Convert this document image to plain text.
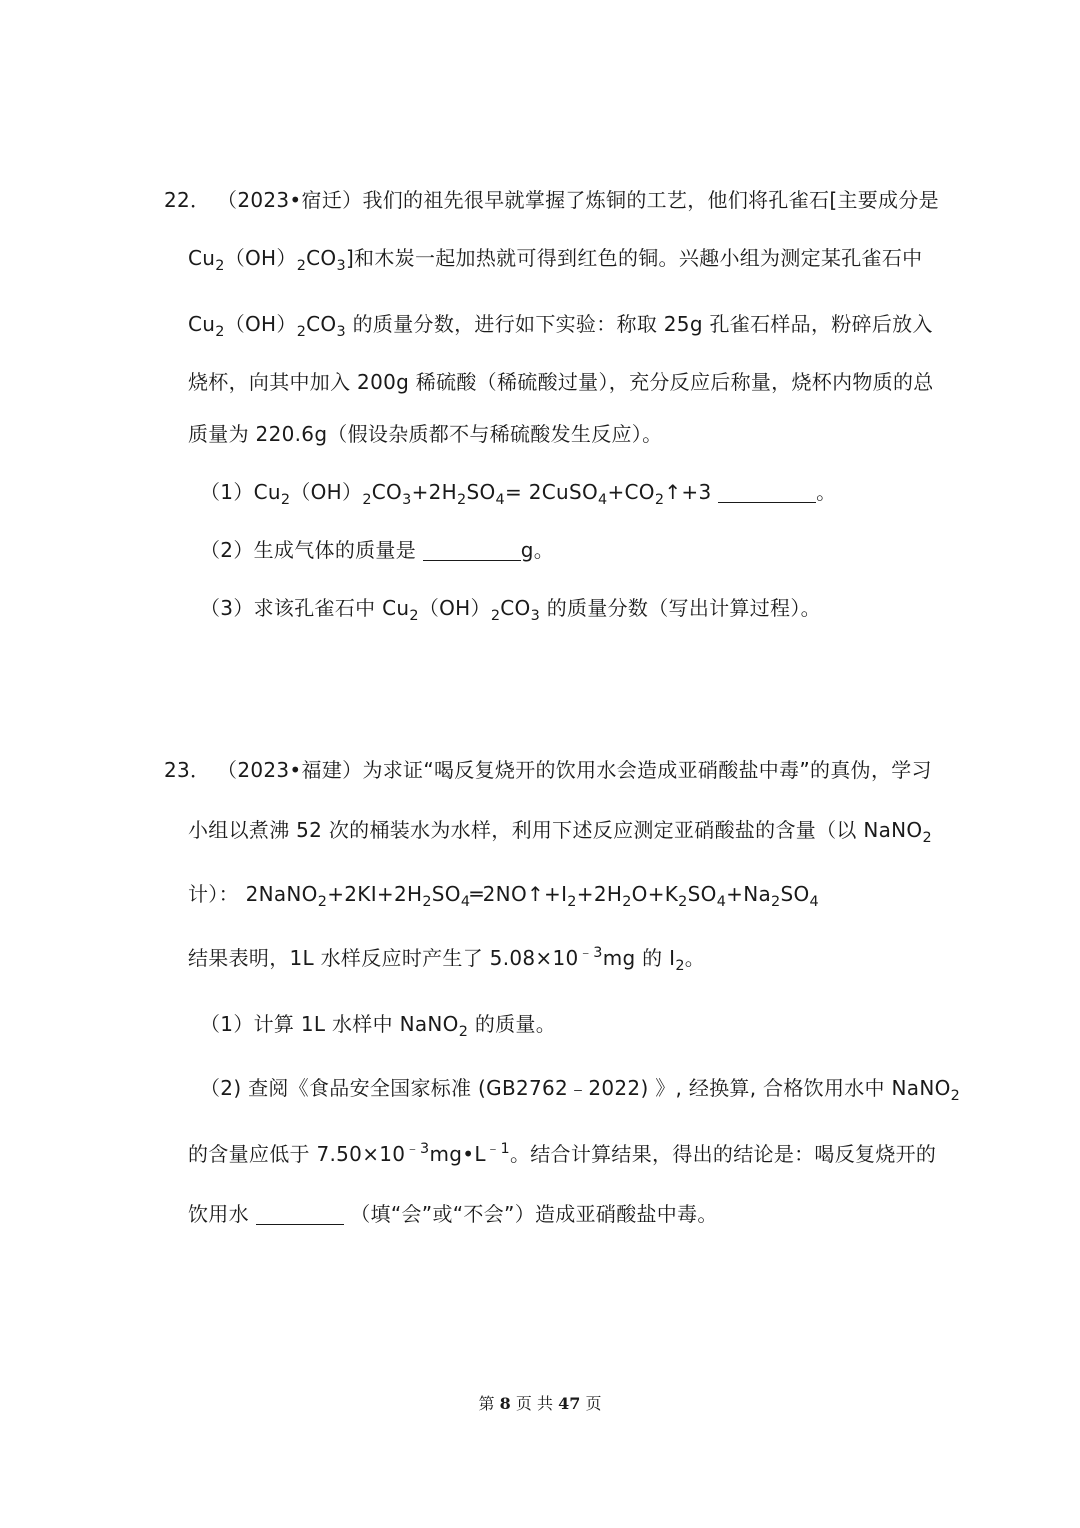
22． （2023•宿迁）我们的祖先很早就掌握了炼铜的工艺，他们将孔雀石[主要成分是
$Cu_2(OH)_2CO_3$]和木炭一起加热就可得到红色的铜。兴趣小组为测定某孔雀石中
$Cu_2(OH)_2CO_3$ 的质量分数，进行如下实验：称取 25g 孔雀石样品，粉碎后放入
烧杯，向其中加入 200g 稀硫酸（稀硫酸过量），充分反应后称量，烧杯内物质的总
质量为 220.6g（假设杂质都不与稀硫酸发生反应）。
$(1)Cu_2(OH)_2CO_3+2H_2SO_4=$ $2CuSO_4+CO_2↑+3$	。
（2）生成气体的质量是	g。
（3）求该孔雀石中 $Cu_2(OH)_2CO_3$ 的质量分数（写出计算过程）。
23． （2023•福建）为求证“喝反复烧开的饮用水会造成亚硝酸盐中毒”的真伪，学习
小组以煮沸 52 次的桶装水为水样，利用下述反应测定亚硝酸盐的含量（以 NaNO$_2$
计）： $2NaNO_2+2KI+2H_2SO_4═2NO↑+I_2+2H_2O+K_2SO_4+Na_2SO_4$
结果表明，1L 水样反应时产生了 $5.08\times 10^{﹣3}mg$ 的 $I_2$。
（1）计算 1L 水样中 NaNO$_2$ 的质量。
（2) 查阅《食品安全国家标准 (GB2762﹣2022) 》, 经换算, 合格饮用水中 NaNO$_2$
的含量应低于 $7.50\times 10^{﹣3}mg•L^{﹣1}$。结合计算结果，得出的结论是：喝反复烧开的
饮用水	（填“会”或“不会”）造成亚硝酸盐中毒。
第 8 页 共 47 页
